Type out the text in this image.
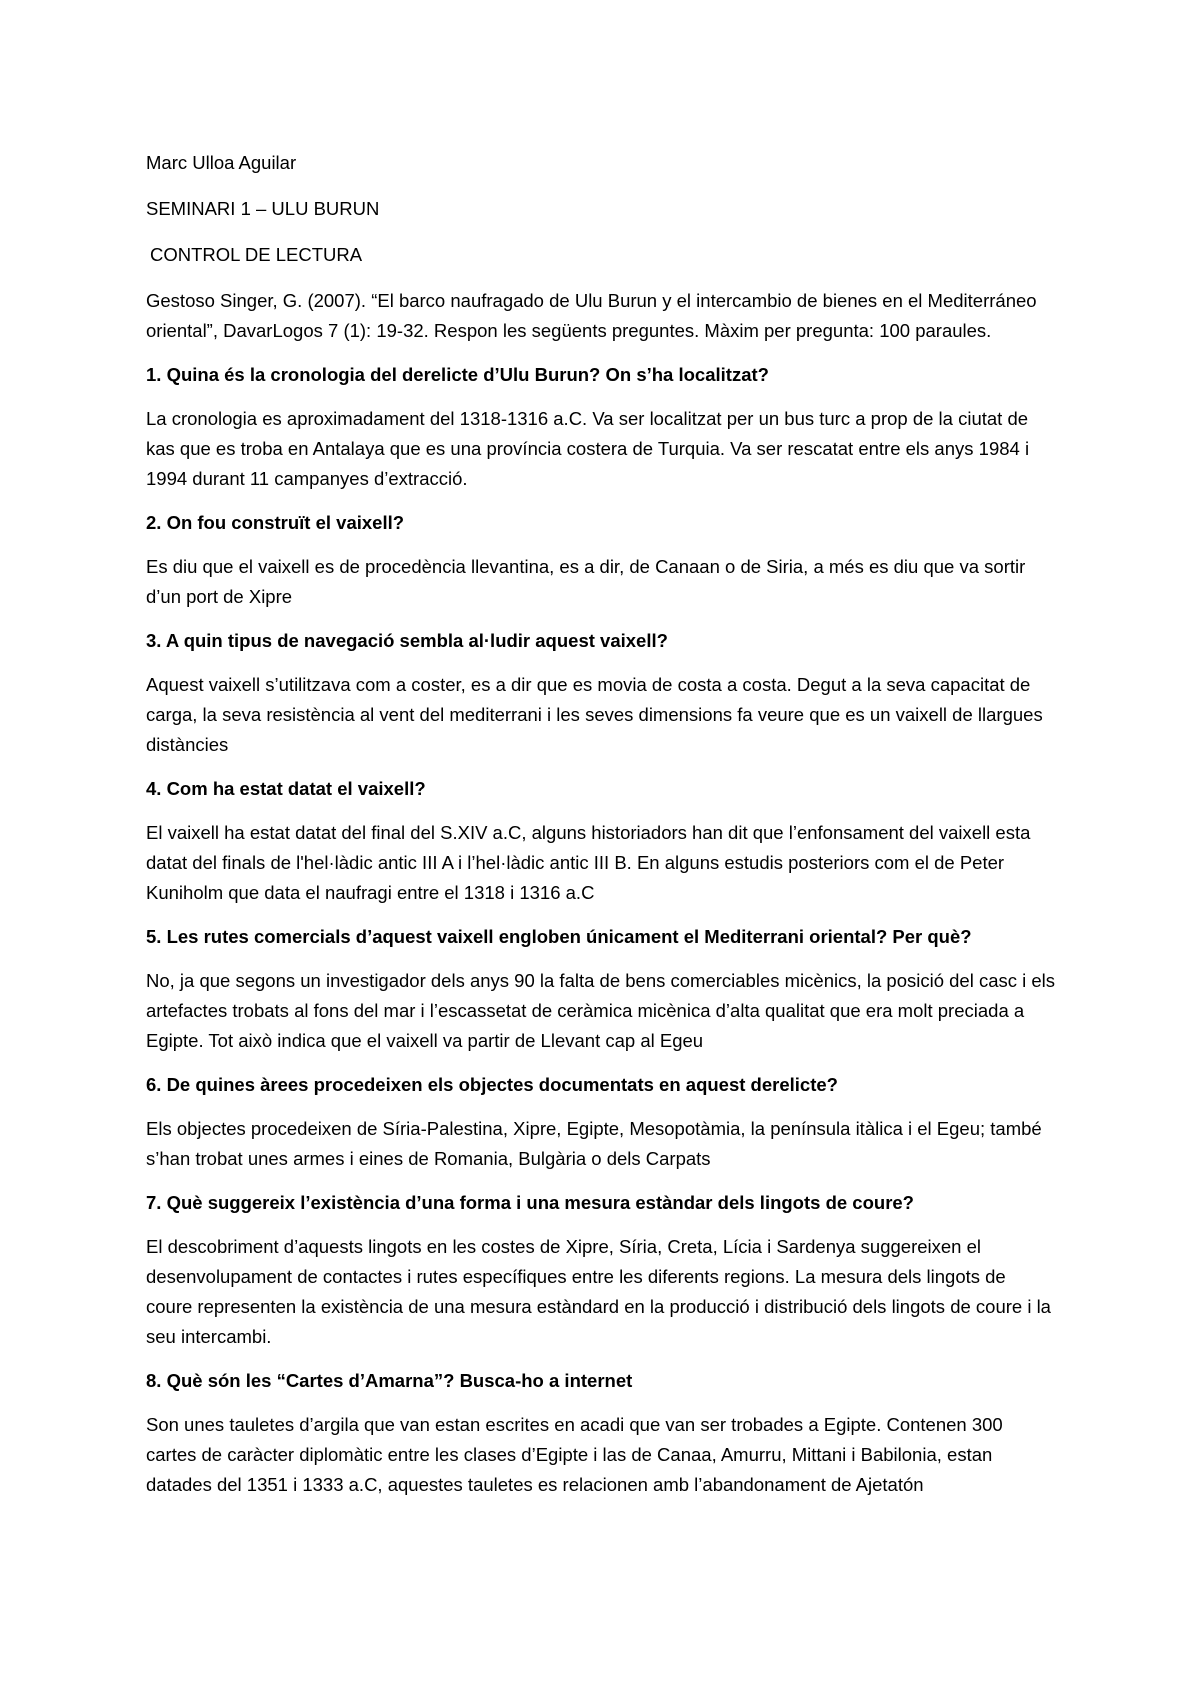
Marc Ulloa Aguilar

SEMINARI 1 – ULU BURUN

CONTROL DE LECTURA

Gestoso Singer, G. (2007). “El barco naufragado de Ulu Burun y el intercambio de bienes en el Mediterráneo oriental”, DavarLogos 7 (1): 19-32. Respon les següents preguntes. Màxim per pregunta: 100 paraules.

1. Quina és la cronologia del derelicte d’Ulu Burun? On s’ha localitzat?

La cronologia es aproximadament del 1318-1316 a.C. Va ser localitzat per un bus turc a prop de la ciutat de kas que es troba en Antalaya que es una província costera de Turquia. Va ser rescatat entre els anys 1984 i 1994 durant 11 campanyes d’extracció.

2. On fou construït el vaixell?

Es diu que el vaixell es de procedència llevantina, es a dir, de Canaan o de Siria, a més es diu que va sortir d’un port de Xipre

3. A quin tipus de navegació sembla al·ludir aquest vaixell?

Aquest vaixell s’utilitzava com a coster, es a dir que es movia de costa a costa. Degut a la seva capacitat de carga, la seva resistència al vent del mediterrani i les seves dimensions fa veure que es un vaixell de llargues distàncies

4. Com ha estat datat el vaixell?

El vaixell ha estat datat del final del S.XIV a.C, alguns historiadors han dit que l’enfonsament del vaixell esta datat del finals de l'hel·làdic antic III A i l’hel·làdic antic III B. En alguns estudis posteriors com el de Peter Kuniholm que data el naufragi entre el 1318 i 1316 a.C

5. Les rutes comercials d’aquest vaixell engloben únicament el Mediterrani oriental? Per què?

No, ja que segons un investigador dels anys 90 la falta de bens comerciables micènics, la posició del casc i els artefactes trobats al fons del mar i l’escassetat de ceràmica micènica d’alta qualitat que era molt preciada a Egipte. Tot això indica que el vaixell va partir de Llevant cap al Egeu

6. De quines àrees procedeixen els objectes documentats en aquest derelicte?

Els objectes procedeixen de Síria-Palestina, Xipre, Egipte, Mesopotàmia, la península itàlica i el Egeu; també s’han trobat unes armes i eines de Romania, Bulgària o dels Carpats

7. Què suggereix l’existència d’una forma i una mesura estàndar dels lingots de coure?

El descobriment d’aquests lingots en les costes de Xipre, Síria, Creta, Lícia i Sardenya suggereixen el desenvolupament de contactes i rutes específiques entre les diferents regions. La mesura dels lingots de coure representen la existència de una mesura estàndard en la producció i distribució dels lingots de coure i la seu intercambi.

8. Què són les “Cartes d’Amarna”? Busca-ho a internet

Son unes tauletes d’argila que van estan escrites en acadi que van ser trobades a Egipte. Contenen 300 cartes de caràcter diplomàtic entre les clases d’Egipte i las de Canaa, Amurru, Mittani i Babilonia, estan datades del 1351 i 1333 a.C, aquestes tauletes es relacionen amb l’abandonament de Ajetatón
